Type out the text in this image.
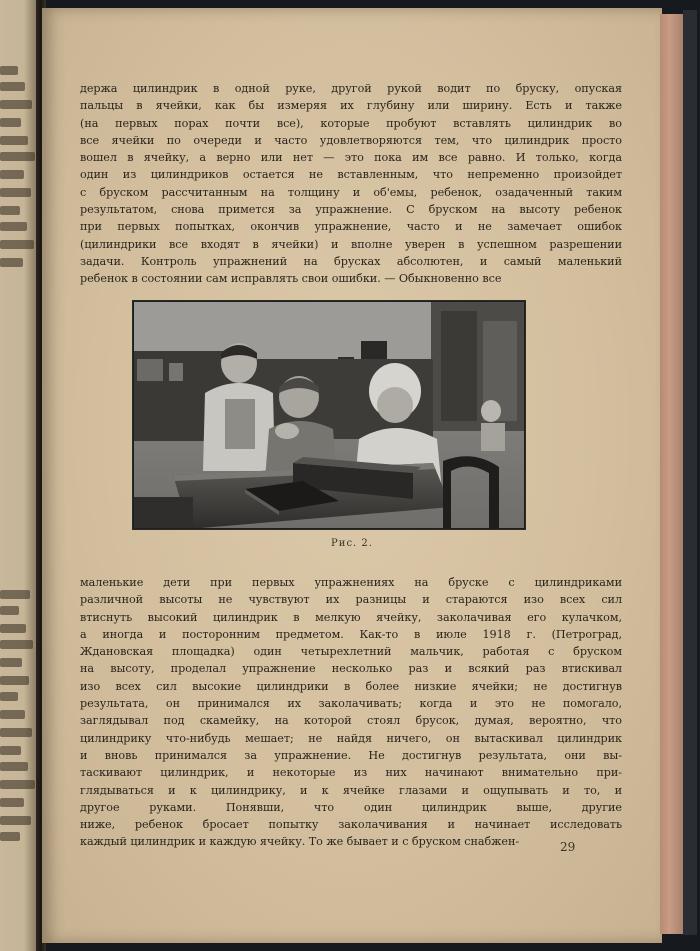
держа цилиндрик в одной руке, другой рукой водит по бруску, опуская
пальцы в ячейки, как бы измеряя их глубину или ширину. Есть и также
(на первых порах почти все), которые пробуют вставлять цилиндрик во
все ячейки по очереди и часто удовлетворяются тем, что цилиндрик просто
вошел в ячейку, а верно или нет — это пока им все равно. И только, когда
один из цилиндриков остается не вставленным, что непременно произойдет
с бруском рассчитанным на толщину и об'емы, ребенок, озадаченный таким
результатом, снова примется за упражнение. С бруском на высоту ребенок
при первых попытках, окончив упражнение, часто и не замечает ошибок
(цилиндрики все входят в ячейки) и вполне уверен в успешном разрешении
задачи. Контроль упражнений на брусках абсолютен, и самый маленький
ребенок в состоянии сам исправлять свои ошибки. — Обыкновенно все
Рис. 2.
маленькие дети при первых упражнениях на бруске с цилиндриками
различной высоты не чувствуют их разницы и стараются изо всех сил
втиснуть высокий цилиндрик в мелкую ячейку, заколачивая его кулачком,
а иногда и посторонним предметом. Как-то в июле 1918 г. (Петроград,
Ждановская площадка) один четырехлетний мальчик, работая с бруском
на высоту, проделал упражнение несколько раз и всякий раз втискивал
изо всех сил высокие цилиндрики в более низкие ячейки; не достигнув
результата, он принимался их заколачивать; когда и это не помогало,
заглядывал под скамейку, на которой стоял брусок, думая, вероятно, что
цилиндрику что-нибудь мешает; не найдя ничего, он вытаскивал цилиндрик
и вновь принимался за упражнение. Не достигнув результата, они вы-
таскивают цилиндрик, и некоторые из них начинают внимательно при-
глядываться и к цилиндрику, и к ячейке глазами и ощупывать и то, и
другое руками. Понявши, что один цилиндрик выше, другие
ниже, ребенок бросает попытку заколачивания и начинает исследовать
каждый цилиндрик и каждую ячейку. То же бывает и с бруском снабжен-	29
